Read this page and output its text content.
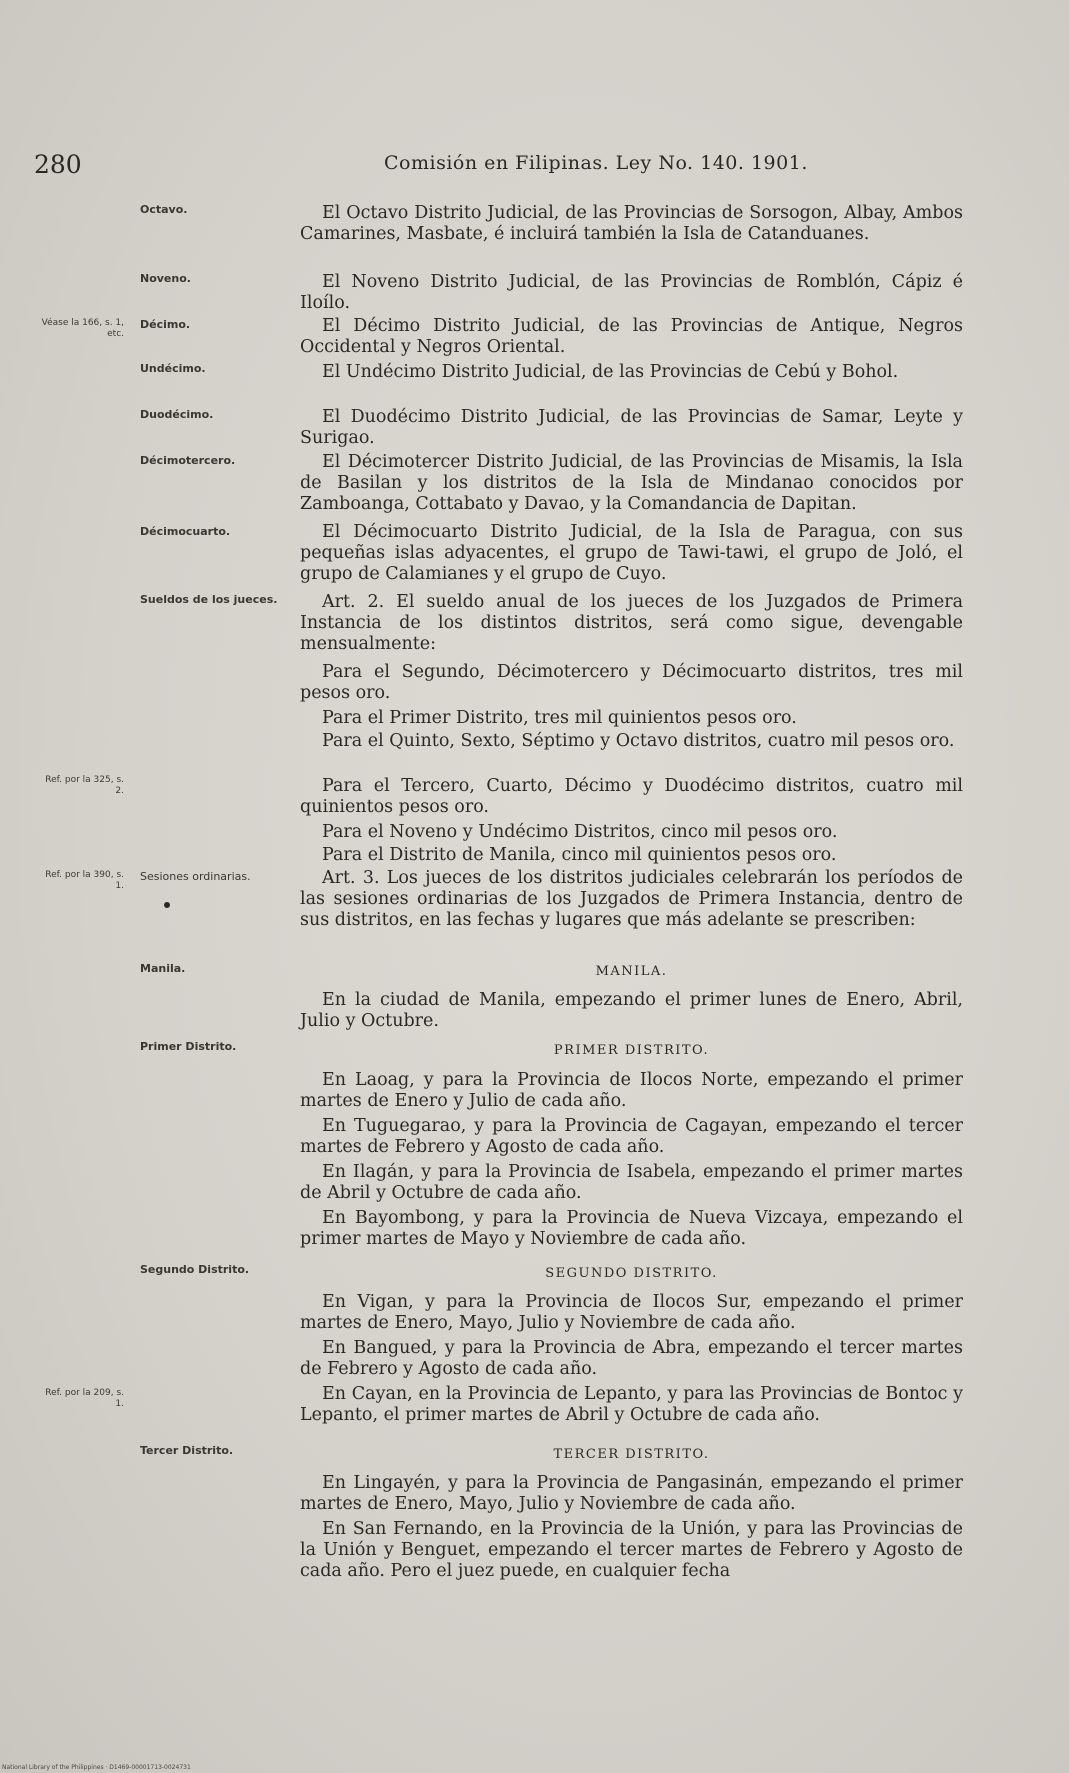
280	Comisión en Filipinas. Ley No. 140. 1901.
Octavo.	El Octavo Distrito Judicial, de las Provincias de Sorsogon, Albay, Ambos Camarines, Masbate, é incluirá también la Isla de Catanduanes.
Noveno.	El Noveno Distrito Judicial, de las Provincias de Romblón, Cápiz é Iloílo.
Véase la 166, s. 1, etc.
Décimo.	El Décimo Distrito Judicial, de las Provincias de Antique, Negros Occidental y Negros Oriental.
Undécimo.	El Undécimo Distrito Judicial, de las Provincias de Cebú y Bohol.
Duodécimo.	El Duodécimo Distrito Judicial, de las Provincias de Samar, Leyte y Surigao.
Décimotercero.	El Décimotercer Distrito Judicial, de las Provincias de Misamis, la Isla de Basilan y los distritos de la Isla de Mindanao conocidos por Zamboanga, Cottabato y Davao, y la Comandancia de Dapitan.
Décimocuarto.	El Décimocuarto Distrito Judicial, de la Isla de Paragua, con sus pequeñas islas adyacentes, el grupo de Tawi-tawi, el grupo de Joló, el grupo de Calamianes y el grupo de Cuyo.
Sueldos de los jueces.	Art. 2. El sueldo anual de los jueces de los Juzgados de Primera Instancia de los distintos distritos, será como sigue, devengable mensualmente:
Para el Segundo, Décimotercero y Décimocuarto distritos, tres mil pesos oro.
Para el Primer Distrito, tres mil quinientos pesos oro.
Para el Quinto, Sexto, Séptimo y Octavo distritos, cuatro mil pesos oro.
Ref. por la 325, s. 2.	Para el Tercero, Cuarto, Décimo y Duodécimo distritos, cuatro mil quinientos pesos oro.
Para el Noveno y Undécimo Distritos, cinco mil pesos oro.
Para el Distrito de Manila, cinco mil quinientos pesos oro.
Ref. por la 390, s. 1.
Sesiones ordinarias.	Art. 3. Los jueces de los distritos judiciales celebrarán los períodos de las sesiones ordinarias de los Juzgados de Primera Instancia, dentro de sus distritos, en las fechas y lugares que más adelante se prescriben:
Manila.	MANILA.
En la ciudad de Manila, empezando el primer lunes de Enero, Abril, Julio y Octubre.
Primer Distrito.	PRIMER DISTRITO.
En Laoag, y para la Provincia de Ilocos Norte, empezando el primer martes de Enero y Julio de cada año.
En Tuguegarao, y para la Provincia de Cagayan, empezando el tercer martes de Febrero y Agosto de cada año.
En Ilagán, y para la Provincia de Isabela, empezando el primer martes de Abril y Octubre de cada año.
En Bayombong, y para la Provincia de Nueva Vizcaya, empezando el primer martes de Mayo y Noviembre de cada año.
Segundo Distrito.	SEGUNDO DISTRITO.
En Vigan, y para la Provincia de Ilocos Sur, empezando el primer martes de Enero, Mayo, Julio y Noviembre de cada año.
En Bangued, y para la Provincia de Abra, empezando el tercer martes de Febrero y Agosto de cada año.
Ref. por la 209, s. 1.	En Cayan, en la Provincia de Lepanto, y para las Provincias de Bontoc y Lepanto, el primer martes de Abril y Octubre de cada año.
Tercer Distrito.	TERCER DISTRITO.
En Lingayén, y para la Provincia de Pangasinán, empezando el primer martes de Enero, Mayo, Julio y Noviembre de cada año.
En San Fernando, en la Provincia de la Unión, y para las Provincias de la Unión y Benguet, empezando el tercer martes de Febrero y Agosto de cada año. Pero el juez puede, en cualquier fecha
National Library of the Philippines · D1469-00001713-0024731
